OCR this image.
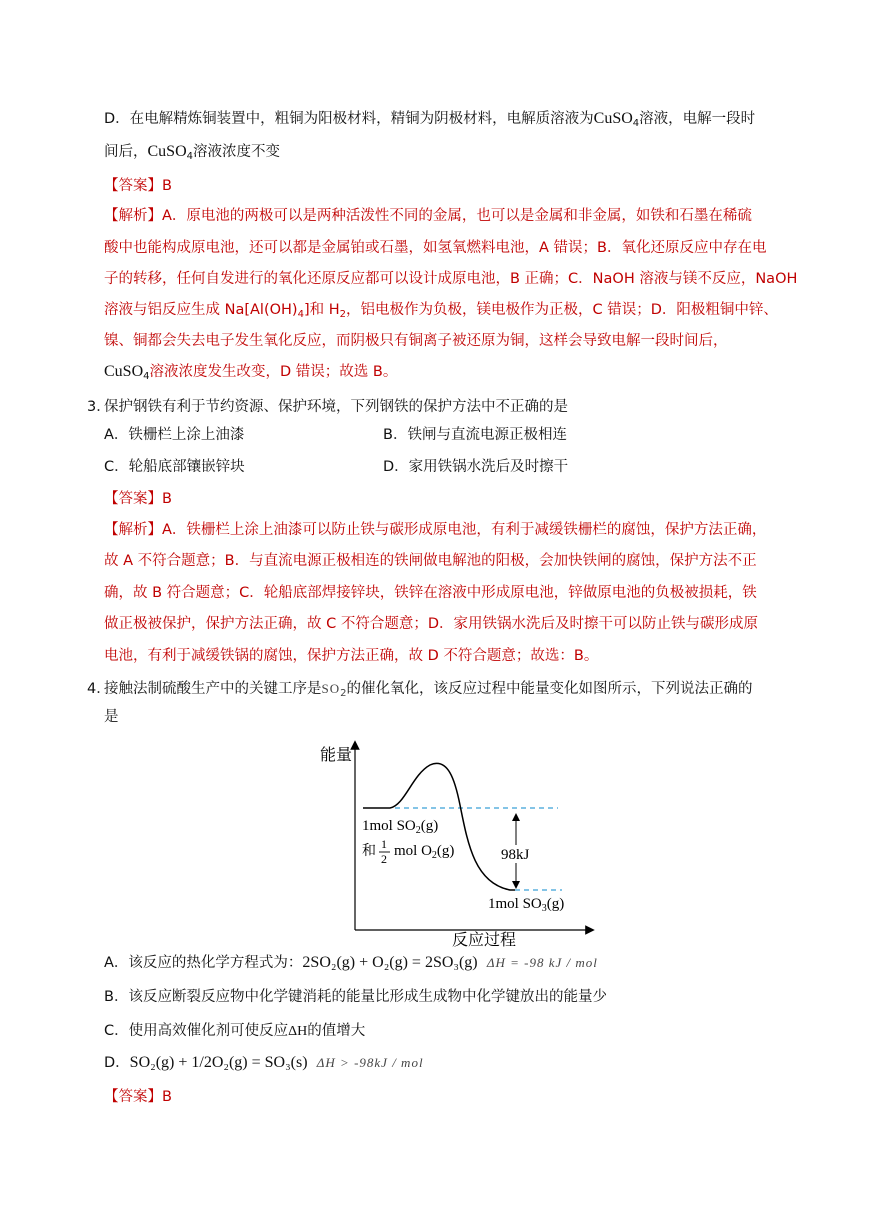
D．在电解精炼铜装置中，粗铜为阳极材料，精铜为阴极材料，电解质溶液为CuSO$_4$溶液，电解一段时
间后，CuSO$_4$溶液浓度不变
【答案】B
【解析】A．原电池的两极可以是两种活泼性不同的金属，也可以是金属和非金属，如铁和石墨在稀硫
酸中也能构成原电池，还可以都是金属铂或石墨，如氢氧燃料电池，A 错误；B．氧化还原反应中存在电
子的转移，任何自发进行的氧化还原反应都可以设计成原电池，B 正确；C．NaOH 溶液与镁不反应，NaOH
溶液与铝反应生成 $Na[Al(OH)_4]$和 $H_2$，铝电极作为负极，镁电极作为正极，C 错误；D．阳极粗铜中锌、
镍、铜都会失去电子发生氧化反应，而阴极只有铜离子被还原为铜，这样会导致电解一段时间后，
CuSO$_4$溶液浓度发生改变，D 错误；故选 B。
3．
保护钢铁有利于节约资源、保护环境，下列钢铁的保护方法中不正确的是
A．铁栅栏上涂上油漆	B．铁闸与直流电源正极相连
C．轮船底部镶嵌锌块	D．家用铁锅水洗后及时擦干
【答案】B
【解析】A．铁栅栏上涂上油漆可以防止铁与碳形成原电池，有利于减缓铁栅栏的腐蚀，保护方法正确，
故 A 不符合题意；B．与直流电源正极相连的铁闸做电解池的阳极，会加快铁闸的腐蚀，保护方法不正
确，故 B 符合题意；C．轮船底部焊接锌块，铁锌在溶液中形成原电池，锌做原电池的负极被损耗，铁
做正极被保护，保护方法正确，故 C 不符合题意；D．家用铁锅水洗后及时擦干可以防止铁与碳形成原
电池，有利于减缓铁锅的腐蚀，保护方法正确，故 D 不符合题意；故选：B。
4．
接触法制硫酸生产中的关键工序是$SO_2$的催化氧化，该反应过程中能量变化如图所示，下列说法正确的
是
能量
反应过程
98kJ
1mol $SO_2(g)$
和 1
2 mol $O_2(g)$
1mol $SO_3(g)$
A．该反应的热化学方程式为：2SO₂(g) + O₂(g) = 2SO₃(g) ΔH = -98 kJ / mol
B．该反应断裂反应物中化学键消耗的能量比形成生成物中化学键放出的能量少
C．使用高效催化剂可使反应ΔH的值增大
D．SO₂(g) + 1/2O₂(g) = SO₃(s) ΔH > -98kJ / mol
【答案】B
